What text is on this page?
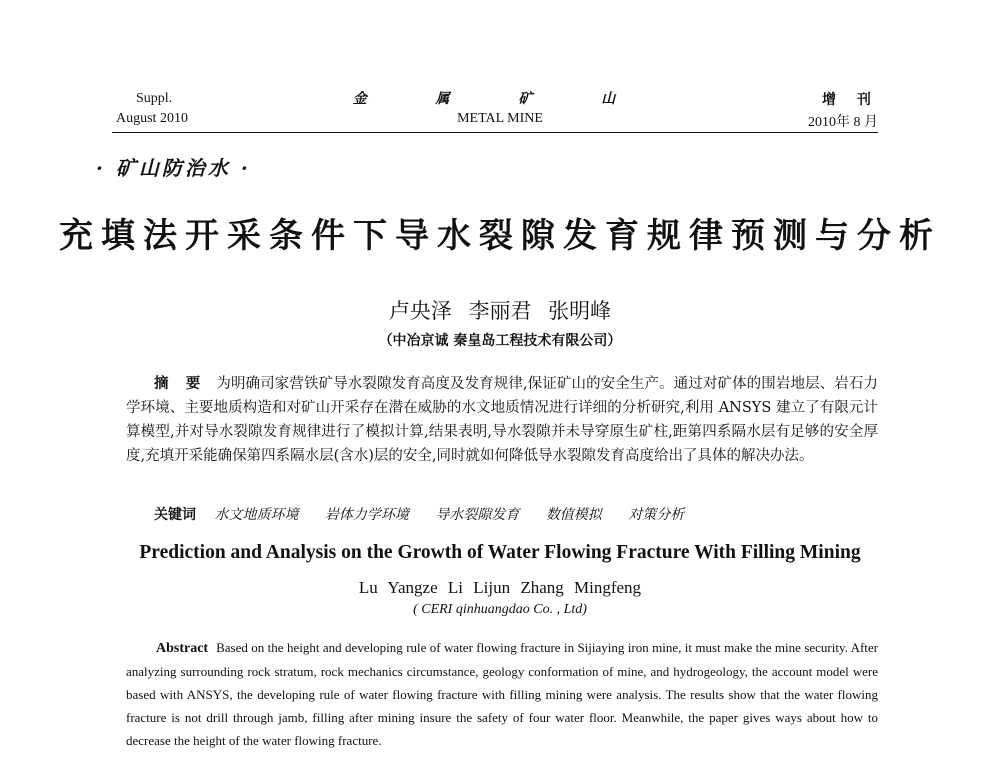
Suppl.
August 2010
金 属 矿 山
METAL MINE
增 刊
2010年 8 月
· 矿山防治水 ·
充填法开采条件下导水裂隙发育规律预测与分析
卢央泽 李丽君 张明峰
（中冶京诚 秦皇岛工程技术有限公司）
摘 要 为明确司家营铁矿导水裂隙发育高度及发育规律,保证矿山的安全生产。通过对矿体的围岩地层、岩石力学环境、主要地质构造和对矿山开采存在潜在威胁的水文地质情况进行详细的分析研究,利用 ANSYS 建立了有限元计算模型,并对导水裂隙发育规律进行了模拟计算,结果表明,导水裂隙并未导穿原生矿柱,距第四系隔水层有足够的安全厚度,充填开采能确保第四系隔水层(含水)层的安全,同时就如何降低导水裂隙发育高度给出了具体的解决办法。
关键词 水文地质环境 岩体力学环境 导水裂隙发育 数值模拟 对策分析
Prediction and Analysis on the Growth of Water Flowing Fracture With Filling Mining
Lu Yangze Li Lijun Zhang Mingfeng
( CERI qinhuangdao Co. , Ltd)
Abstract Based on the height and developing rule of water flowing fracture in Sijiaying iron mine, it must make the mine security. After analyzing surrounding rock stratum, rock mechanics circumstance, geology conformation of mine, and hydrogeology, the account model were based with ANSYS, the developing rule of water flowing fracture with filling mining were analysis. The results show that the water flowing fracture is not drill through jamb, filling after mining insure the safety of four water floor. Meanwhile, the paper gives ways about how to decrease the height of the water flowing fracture.
